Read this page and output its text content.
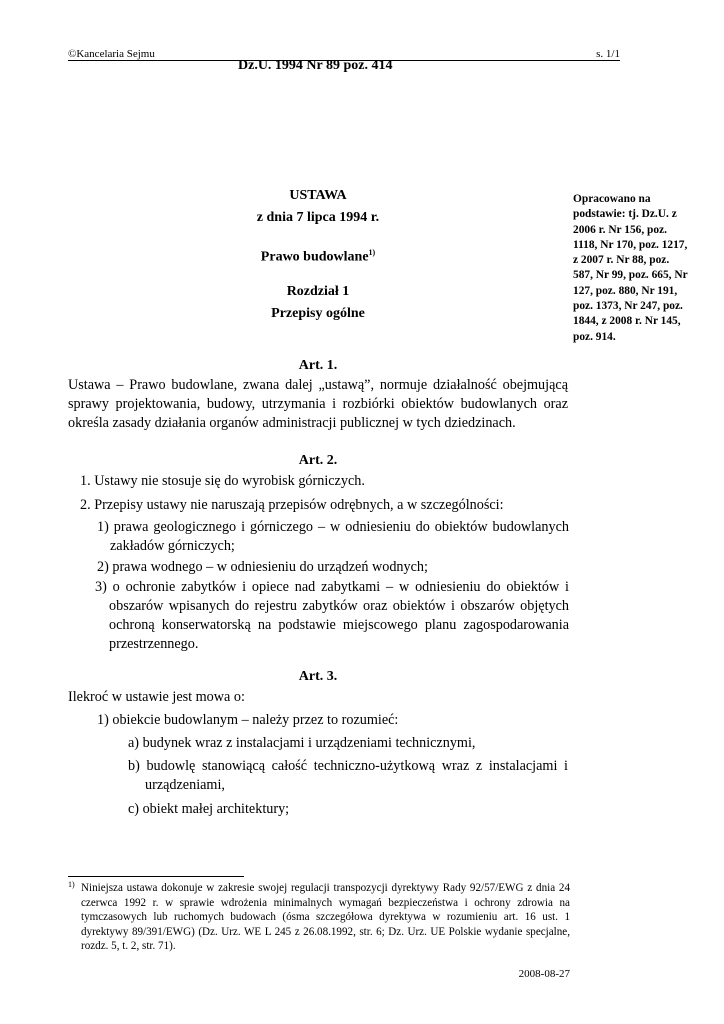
©Kancelaria Sejmu	s. 1/1
Dz.U. 1994 Nr 89 poz. 414
USTAWA
z dnia 7 lipca 1994 r.
Prawo budowlane$^{1)}$
Rozdział 1
Przepisy ogólne
Opracowano na podstawie: tj. Dz.U. z 2006 r. Nr 156, poz. 1118, Nr 170, poz. 1217, z 2007 r. Nr 88, poz. 587, Nr 99, poz. 665, Nr 127, poz. 880, Nr 191, poz. 1373, Nr 247, poz. 1844, z 2008 r. Nr 145, poz. 914.
Art. 1.
Ustawa – Prawo budowlane, zwana dalej „ustawą”, normuje działalność obejmującą sprawy projektowania, budowy, utrzymania i rozbiórki obiektów budowlanych oraz określa zasady działania organów administracji publicznej w tych dziedzinach.
Art. 2.
1. Ustawy nie stosuje się do wyrobisk górniczych.
2. Przepisy ustawy nie naruszają przepisów odrębnych, a w szczególności:
1) prawa geologicznego i górniczego – w odniesieniu do obiektów budowlanych zakładów górniczych;
2) prawa wodnego – w odniesieniu do urządzeń wodnych;
3) o ochronie zabytków i opiece nad zabytkami – w odniesieniu do obiektów i obszarów wpisanych do rejestru zabytków oraz obiektów i obszarów objętych ochroną konserwatorską na podstawie miejscowego planu zagospodarowania przestrzennego.
Art. 3.
Ilekroć w ustawie jest mowa o:
1) obiekcie budowlanym – należy przez to rozumieć:
a) budynek wraz z instalacjami i urządzeniami technicznymi,
b) budowlę stanowiącą całość techniczno-użytkową wraz z instalacjami i urządzeniami,
c) obiekt małej architektury;
1) Niniejsza ustawa dokonuje w zakresie swojej regulacji transpozycji dyrektywy Rady 92/57/EWG z dnia 24 czerwca 1992 r. w sprawie wdrożenia minimalnych wymagań bezpieczeństwa i ochrony zdrowia na tymczasowych lub ruchomych budowach (ósma szczegółowa dyrektywa w rozumieniu art. 16 ust. 1 dyrektywy 89/391/EWG) (Dz. Urz. WE L 245 z 26.08.1992, str. 6; Dz. Urz. UE Polskie wydanie specjalne, rozdz. 5, t. 2, str. 71).
2008-08-27
